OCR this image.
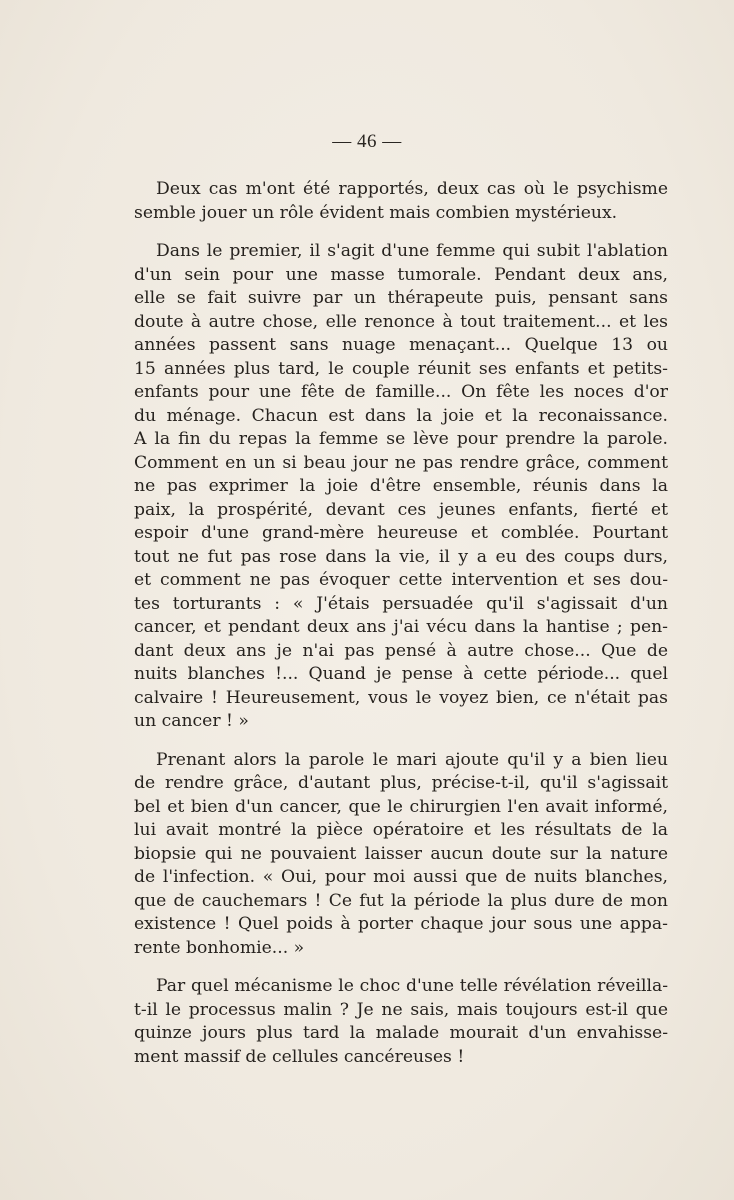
— 46 —
Deux cas m'ont été rapportés, deux cas où le psychisme
semble jouer un rôle évident mais combien mystérieux.
Dans le premier, il s'agit d'une femme qui subit l'ablation
d'un sein pour une masse tumorale. Pendant deux ans,
elle se fait suivre par un thérapeute puis, pensant sans
doute à autre chose, elle renonce à tout traitement... et les
années passent sans nuage menaçant... Quelque 13 ou
15 années plus tard, le couple réunit ses enfants et petits-
enfants pour une fête de famille... On fête les noces d'or
du ménage. Chacun est dans la joie et la reconaissance.
A la fin du repas la femme se lève pour prendre la parole.
Comment en un si beau jour ne pas rendre grâce, comment
ne pas exprimer la joie d'être ensemble, réunis dans la
paix, la prospérité, devant ces jeunes enfants, fierté et
espoir d'une grand-mère heureuse et comblée. Pourtant
tout ne fut pas rose dans la vie, il y a eu des coups durs,
et comment ne pas évoquer cette intervention et ses dou-
tes torturants : « J'étais persuadée qu'il s'agissait d'un
cancer, et pendant deux ans j'ai vécu dans la hantise ; pen-
dant deux ans je n'ai pas pensé à autre chose... Que de
nuits blanches !... Quand je pense à cette période... quel
calvaire ! Heureusement, vous le voyez bien, ce n'était pas
un cancer ! »
Prenant alors la parole le mari ajoute qu'il y a bien lieu
de rendre grâce, d'autant plus, précise-t-il, qu'il s'agissait
bel et bien d'un cancer, que le chirurgien l'en avait informé,
lui avait montré la pièce opératoire et les résultats de la
biopsie qui ne pouvaient laisser aucun doute sur la nature
de l'infection. « Oui, pour moi aussi que de nuits blanches,
que de cauchemars ! Ce fut la période la plus dure de mon
existence ! Quel poids à porter chaque jour sous une appa-
rente bonhomie... »
Par quel mécanisme le choc d'une telle révélation réveilla-
t-il le processus malin ? Je ne sais, mais toujours est-il que
quinze jours plus tard la malade mourait d'un envahisse-
ment massif de cellules cancéreuses !
